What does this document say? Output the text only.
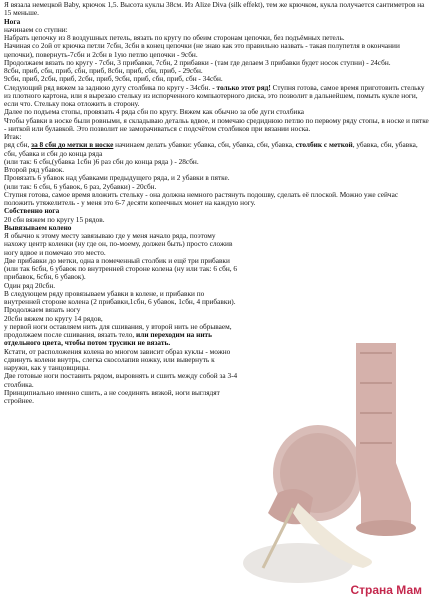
Я вязала немецкой Baby, крючок 1,5. Высота куклы 38см. Из Alize Diva (silk effekt), тем же крючком, кукла получается сантиметров на 15 меньше.

Нога

начинаем со ступни:

Набрать цепочку из 8 воздушных петель, вязать по кругу по обеим сторонам цепочки, без подъёмных петель.

Начиная со 2ой от крючка петли 7сбн, 3сбн в конец цепочки (не знаю как это правильно назвать - такая полупетля в окончании цепочки), повернуть-7сбн и 2сбн в 1ую петлю цепочки - 9сбн.

Продолжаем вязать по кругу - 7сбн, 3 прибавки, 7сбн, 2 прибавки - (там где делаем 3 прибавки будет носок ступни) - 24сбн.

8сбн, приб, сбн, приб, сбн, приб, 8сбн, приб, сбн, приб, - 29сбн.

9сбн, приб, 2сбн, приб, 2сбн, приб, 9сбн, приб, сбн, приб, сбн - 34сбн.

Следующий ряд вяжем за заднюю дугу столбика по кругу - 34сбн. - только этот ряд! Ступня готова, самое время приготовить стельку из плотного картона, или я вырезаю стельку из испорченного компьютерного диска, это позволит в дальнейшем, помыть кукле ноги, если что. Стельку пока отложить в сторону.

Далее по подъема стопы, провязать 4 ряда сбн по кругу. Вяжем как обычно за обе дуги столбика

Чтобы убавки в носке были ровными, я складываю детальь вдвое, и помечаю средиднюю петлю по первому ряду стопы, в носке и пятке - ниткой или булавкой. Это позволит не заморачиваться с подсчётом столбиков при вязании носка.

Итак:

ряд сбн, за 8 сбн до метки в носке начинаем делать убавки: убавка, сбн, убавка, сбн, убавка, столбик с меткой, убавка, сбн, убавка, сбн, убавка и сбн до конца ряда

(или так: 6 сбн,(убавка 1сбн )6 раз сбн до конца ряда ) - 28сбн.

Второй ряд убавок.

Провязать 6 убавок над убавками предыдущего ряда, и 2 убавки в пятке.

(или так: 6 сбн, 6 убавок, 6 раз, 2убавки) - 20сбн.

Ступня готова, самое время вложить стельку - она должна немного растянуть подошву, сделать её плоской. Можно уже сейчас положить утяжелитель - у меня это 6-7 десяти копеечных монет на каждую ногу.

Собственно нога

20 сбн вяжем по кругу 15 рядов.

Вывязываем колено

Я обычно к этому месту завязываю где у меня начало ряда, поэтому нахожу центр коленки (ну где он, по-моему, должен быть) просто сложив ногу вдвое и помечаю это место.

Две прибавки до метки, одна в помеченный столбик и ещё три прибавки (или так 6сбн, 6 убавок по внутренней стороне колена (ну или так: 6 сбн, 6 прибавок, 6сбн, 6 убавок).

Один ряд 20сбн.

В следующем ряду провязываем убавки в колене, и прибавки по внутренней стороне колена (2 прибавки,1сбн, 6 убавок, 1сбн, 4 прибавки).

Продолжаем вязать ногу

20сбн вяжем по кругу 14 рядов,

у первой ноги оставляем нить для сшивания, у второй нить не обрываем, продолжаем после сшивания, вязать тело, или переходим на нить отдельного цвета, чтобы потом трусики не вязать.

Кстати, от расположения колена во многом зависит образ куклы - можно сдвинуть колени внутрь, слегка скосолапив ножку, или вывернуть к наружи, как у танцовщицы.

Две готовые ноги поставить рядом, выровнять и сшить между собой за 3-4 столбика.

Принципиально именно сшить, а не соединять вязкой, ноги выглядят стройнее.

Страна Мам
